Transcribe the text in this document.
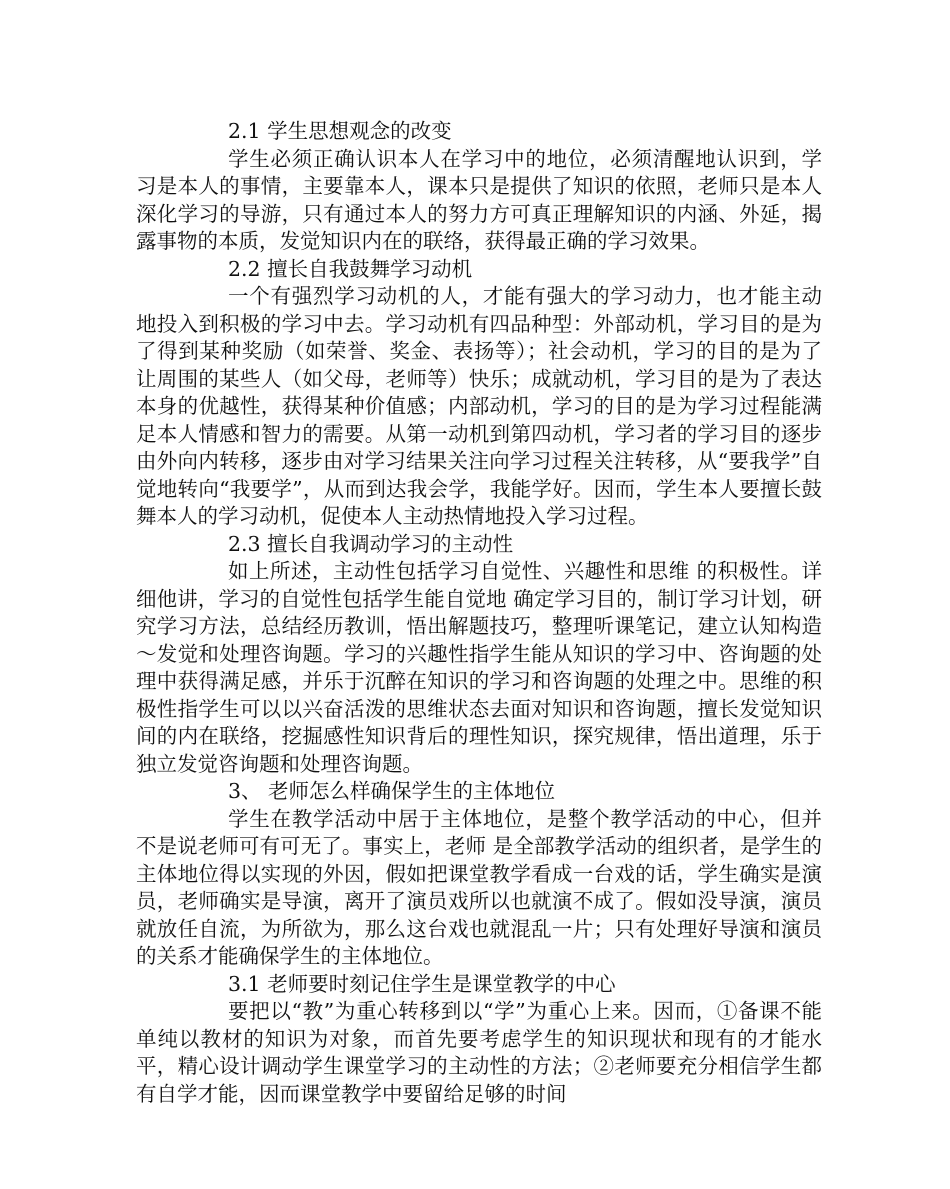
2.1 学生思想观念的改变

学生必须正确认识本人在学习中的地位，必须清醒地认识到，学习是本人的事情，主要靠本人，课本只是提供了知识的依照，老师只是本人深化学习的导游，只有通过本人的努力方可真正理解知识的内涵、外延，揭露事物的本质，发觉知识内在的联络，获得最正确的学习效果。

2.2 擅长自我鼓舞学习动机

一个有强烈学习动机的人，才能有强大的学习动力，也才能主动地投入到积极的学习中去。学习动机有四品种型：外部动机，学习目的是为了得到某种奖励（如荣誉、奖金、表扬等）；社会动机，学习的目的是为了让周围的某些人（如父母，老师等）快乐；成就动机，学习目的是为了表达本身的优越性，获得某种价值感；内部动机，学习的目的是为学习过程能满足本人情感和智力的需要。从第一动机到第四动机，学习者的学习目的逐步由外向内转移，逐步由对学习结果关注向学习过程关注转移，从“要我学”自觉地转向“我要学”，从而到达我会学，我能学好。因而，学生本人要擅长鼓舞本人的学习动机，促使本人主动热情地投入学习过程。

2.3 擅长自我调动学习的主动性

如上所述，主动性包括学习自觉性、兴趣性和思维 的积极性。详细他讲，学习的自觉性包括学生能自觉地 确定学习目的，制订学习计划，研究学习方法，总结经历教训，悟出解题技巧，整理听课笔记，建立认知构造～发觉和处理咨询题。学习的兴趣性指学生能从知识的学习中、咨询题的处理中获得满足感，并乐于沉醉在知识的学习和咨询题的处理之中。思维的积极性指学生可以以兴奋活泼的思维状态去面对知识和咨询题，擅长发觉知识间的内在联络，挖掘感性知识背后的理性知识，探究规律，悟出道理，乐于独立发觉咨询题和处理咨询题。

3、 老师怎么样确保学生的主体地位

学生在教学活动中居于主体地位，是整个教学活动的中心，但并不是说老师可有可无了。事实上，老师 是全部教学活动的组织者，是学生的主体地位得以实现的外因，假如把课堂教学看成一台戏的话，学生确实是演员，老师确实是导演，离开了演员戏所以也就演不成了。假如没导演，演员就放任自流，为所欲为，那么这台戏也就混乱一片；只有处理好导演和演员的关系才能确保学生的主体地位。

3.1 老师要时刻记住学生是课堂教学的中心

要把以“教”为重心转移到以“学”为重心上来。因而，①备课不能单纯以教材的知识为对象，而首先要考虑学生的知识现状和现有的才能水平，精心设计调动学生课堂学习的主动性的方法；②老师要充分相信学生都有自学才能，因而课堂教学中要留给足够的时间
